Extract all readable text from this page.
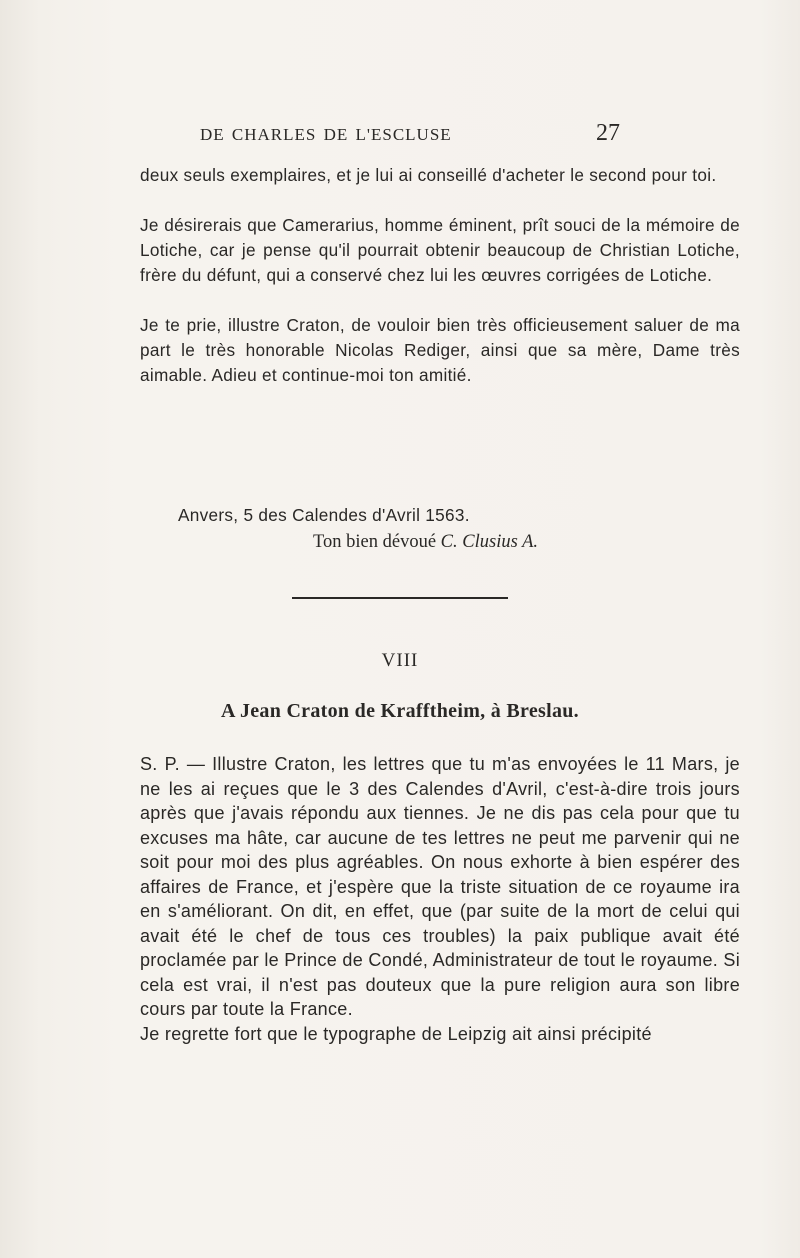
DE CHARLES DE L'ESCLUSE	27

deux seuls exemplaires, et je lui ai conseillé d'acheter le second pour toi.

Je désirerais que Camerarius, homme éminent, prît souci de la mémoire de Lotiche, car je pense qu'il pourrait obtenir beaucoup de Christian Lotiche, frère du défunt, qui a conservé chez lui les œuvres corrigées de Lotiche.

Je te prie, illustre Craton, de vouloir bien très officieusement saluer de ma part le très honorable Nicolas Rediger, ainsi que sa mère, Dame très aimable. Adieu et continue-moi ton amitié.

Anvers, 5 des Calendes d'Avril 1563.
Ton bien dévoué C. Clusius A.
VIII
A Jean Craton de Krafftheim, à Breslau.

S. P. — Illustre Craton, les lettres que tu m'as envoyées le 11 Mars, je ne les ai reçues que le 3 des Calendes d'Avril, c'est-à-dire trois jours après que j'avais répondu aux tiennes. Je ne dis pas cela pour que tu excuses ma hâte, car aucune de tes lettres ne peut me parvenir qui ne soit pour moi des plus agréables. On nous exhorte à bien espérer des affaires de France, et j'espère que la triste situation de ce royaume ira en s'améliorant. On dit, en effet, que (par suite de la mort de celui qui avait été le chef de tous ces troubles) la paix publique avait été proclamée par le Prince de Condé, Administrateur de tout le royaume. Si cela est vrai, il n'est pas douteux que la pure religion aura son libre cours par toute la France.

Je regrette fort que le typographe de Leipzig ait ainsi précipité
